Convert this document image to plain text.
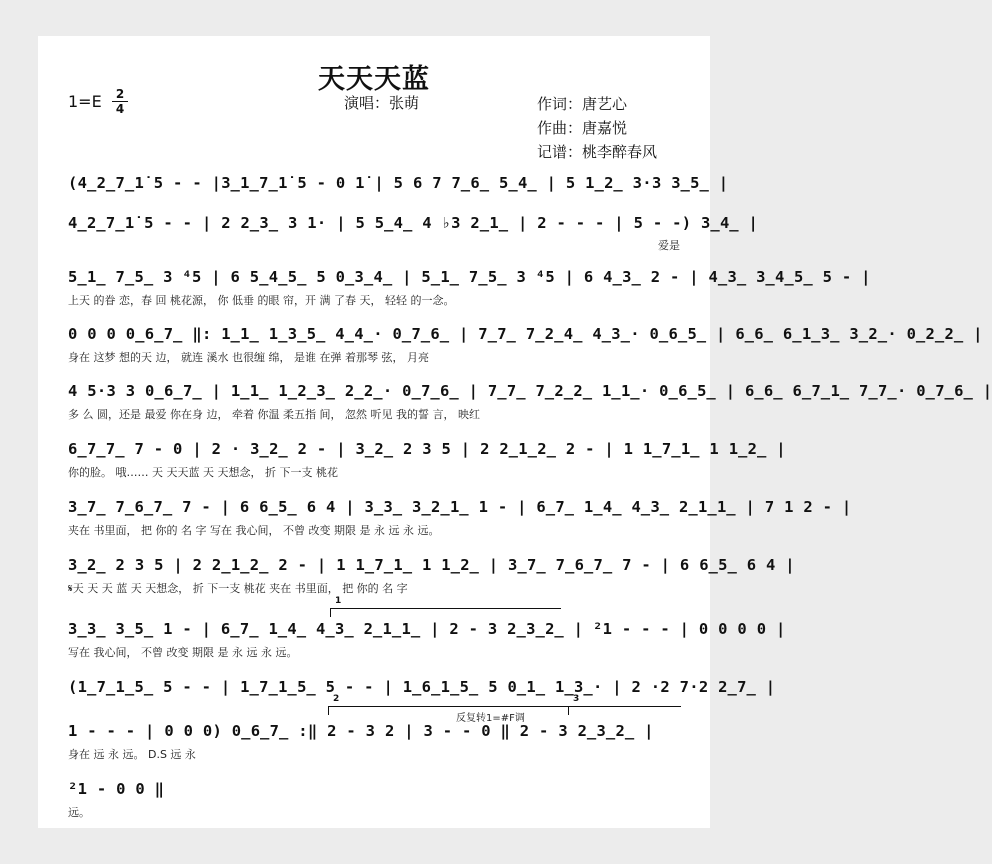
天天天蓝
1=E	2
4	演唱：张萌	作词：唐艺心
作曲：唐嘉悦
记谱：桃李醉春风
(4̲2̲7̲1̇ 5 - - |3̲1̲7̲1̇ 5 - 0 1̇ | 5 6 7 7̲6̲ 5̲4̲ | 5 1̲2̲ 3·3 3̲5̲ |
4̲2̲7̲1̇ 5 - - | 2 2̲3̲ 3 1· | 5 5̲4̲ 4 ♭3 2̲1̲ | 2 - - - | 5 - -) 3̲4̲ |
爱是
5̲1̲ 7̲5̲ 3 ⁴5 | 6 5̲4̲5̲ 5 0̲3̲4̲ | 5̲1̲ 7̲5̲ 3 ⁴5 | 6 4̲3̲ 2 - | 4̲3̲ 3̲4̲5̲ 5 - |
上天 的眷 恋，春 回 桃花源， 你 低垂 的眼 帘，开 满 了春 天， 轻轻 的一念。
0 0 0 0̲6̲7̲ ‖: 1̲1̲ 1̲3̲5̲ 4̲4̲· 0̲7̲6̲ | 7̲7̲ 7̲2̲4̲ 4̲3̲· 0̲6̲5̲ | 6̲6̲ 6̲1̲3̲ 3̲2̲· 0̲2̲2̲ |
身在 这梦 想的天 边， 就连 溪水 也很缠 绵， 是谁 在弹 着那琴 弦， 月亮
4 5·3 3 0̲6̲7̲ | 1̲1̲ 1̲2̲3̲ 2̲2̲· 0̲7̲6̲ | 7̲7̲ 7̲2̲2̲ 1̲1̲· 0̲6̲5̲ | 6̲6̲ 6̲7̲1̲ 7̲7̲· 0̲7̲6̲ |
多 么 圆，还是 最爱 你在身 边， 牵着 你温 柔五指 间， 忽然 听见 我的誓 言， 映红
6̲7̲7̲ 7 - 0 | 2 · 3̲2̲ 2 - | 3̲2̲ 2 3 5 | 2 2̲1̲2̲ 2 - | 1 1̲7̲1̲ 1 1̲2̲ |
你的脸。 哦…… 天 天天蓝 天 天想念， 折 下一支 桃花
3̲7̲ 7̲6̲7̲ 7 - | 6 6̲5̲ 6 4 | 3̲3̲ 3̲2̲1̲ 1 - | 6̲7̲ 1̲4̲ 4̲3̲ 2̲1̲1̲ | 7 1 2 - |
夹在 书里面， 把 你的 名 字 写在 我心间， 不曾 改变 期限 是 永 远 永 远。
3̲2̲ 2 3 5 | 2 2̲1̲2̲ 2 - | 1 1̲7̲1̲ 1 1̲2̲ | 3̲7̲ 7̲6̲7̲ 7 - | 6 6̲5̲ 6 4 |
𝄋天 天 天 蓝 天 天想念， 折 下一支 桃花 夹在 书里面， 把 你的 名 字
1
3̲3̲ 3̲5̲ 1 - | 6̲7̲ 1̲4̲ 4̲3̲ 2̲1̲1̲ | 2 - 3 2̲3̲2̲ | ²1 - - - | 0 0 0 0 |
写在 我心间， 不曾 改变 期限 是 永 远 永 远。
(1̲7̲1̲5̲ 5 - - | 1̲7̲1̲5̲ 5 - - | 1̲6̲1̲5̲ 5 0̲1̲ 1̲3̲· | 2 ·2 7·2 2̲7̲ |
2	3
反复转1=#F调
1 - - - | 0 0 0) 0̲6̲7̲ :‖ 2 - 3 2 | 3 - - 0 ‖ 2 - 3 2̲3̲2̲ |
身在 远 永 远。 D.S 远 永
²1 - 0 0 ‖
远。
